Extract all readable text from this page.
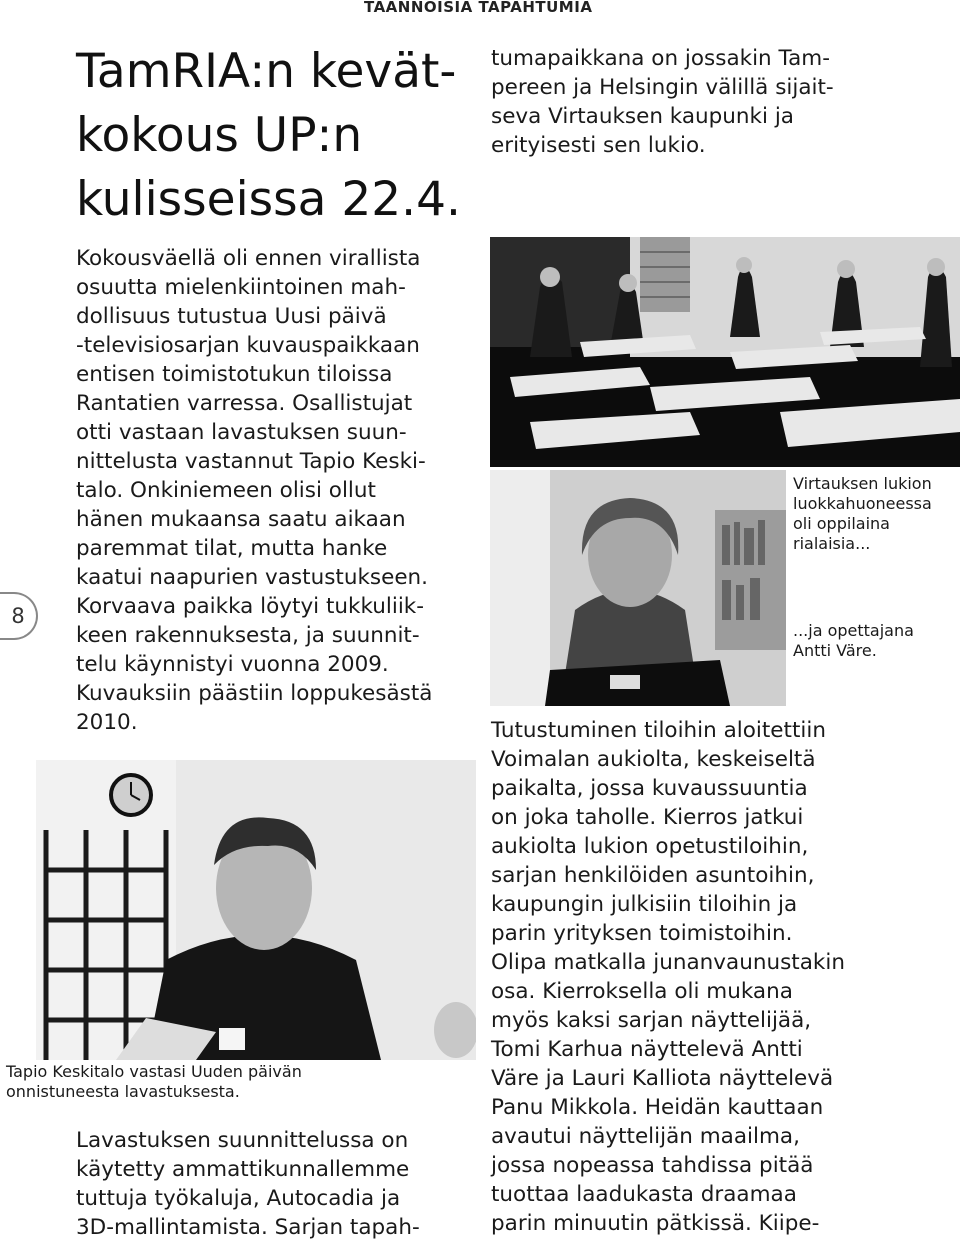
TAANNOISIA TAPAHTUMIA
TamRIA:n kevät-
kokous UP:n
kulisseissa 22.4.
Kokousväellä oli ennen virallista
osuutta mielenkiintoinen mah-
dollisuus tutustua Uusi päivä
-televisiosarjan kuvauspaikkaan
entisen toimistotukun tiloissa
Rantatien varressa. Osallistujat
otti vastaan lavastuksen suun-
nittelusta vastannut Tapio Keski-
talo. Onkiniemeen olisi ollut
hänen mukaansa saatu aikaan
paremmat tilat, mutta hanke
kaatui naapurien vastustukseen.
Korvaava paikka löytyi tukkuliik-
keen rakennuksesta, ja suunnit-
telu käynnistyi vuonna 2009.
Kuvauksiin päästiin loppukesästä
2010.
8
Tapio Keskitalo vastasi Uuden päivän
onnistuneesta lavastuksesta.
Lavastuksen suunnittelussa on
käytetty ammattikunnallemme
tuttuja työkaluja, Autocadia ja
3D-mallintamista. Sarjan tapah-
tumapaikkana on jossakin Tam-
pereen ja Helsingin välillä sijait-
seva Virtauksen kaupunki ja
erityisesti sen lukio.
Virtauksen lukion
luokkahuoneessa
oli oppilaina
rialaisia...
...ja opettajana
Antti Väre.
Tutustuminen tiloihin aloitettiin
Voimalan aukiolta, keskeiseltä
paikalta, jossa kuvaussuuntia
on joka taholle. Kierros jatkui
aukiolta lukion opetustiloihin,
sarjan henkilöiden asuntoihin,
kaupungin julkisiin tiloihin ja
parin yrityksen toimistoihin.
Olipa matkalla junanvaunustakin
osa. Kierroksella oli mukana
myös kaksi sarjan näyttelijää,
Tomi Karhua näyttelevä Antti
Väre ja Lauri Kalliota näyttelevä
Panu Mikkola. Heidän kauttaan
avautui näyttelijän maailma,
jossa nopeassa tahdissa pitää
tuottaa laadukasta draamaa
parin minuutin pätkissä. Kiipe-
